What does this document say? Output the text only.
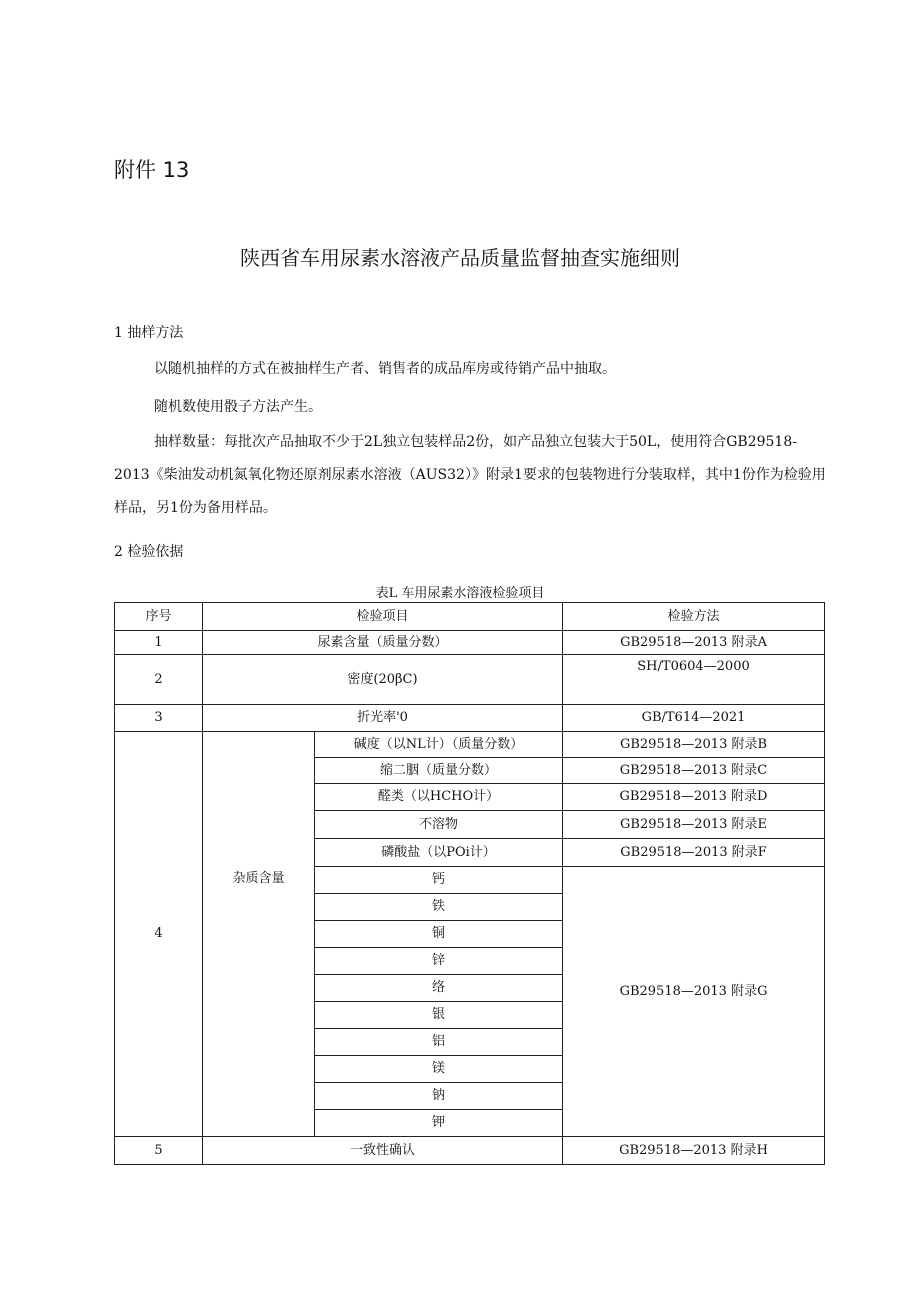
附件 13
陕西省车用尿素水溶液产品质量监督抽查实施细则
1 抽样方法
以随机抽样的方式在被抽样生产者、销售者的成品库房或待销产品中抽取。
随机数使用骰子方法产生。
抽样数量：每批次产品抽取不少于2L独立包装样品2份，如产品独立包装大于50L，使用符合GB29518-2013《柴油发动机氮氧化物还原剂尿素水溶液（AUS32）》附录1要求的包装物进行分装取样，其中1份作为检验用样品，另1份为备用样品。
2 检验依据
表L 车用尿素水溶液检验项目
序号	检验项目		检验方法
1	尿素含量（质量分数）		GB29518—2013 附录A
2	密度(20βC)		SH/T0604—2000
3	折光率'0		GB/T614—2021
4	杂质含量	碱度（以NL计）（质量分数）	GB29518—2013 附录B
		缩二胭（质量分数）	GB29518—2013 附录C
		醛类（以HCHO计）	GB29518—2013 附录D
		不溶物	GB29518—2013 附录E
		磷酸盐（以POi计）	GB29518—2013 附录F
		钙	GB29518—2013 附录G
		铁	
		铜	
		锌	
		络	
		银	
		铝	
		镁	
		钠	
		钾	
5	一致性确认		GB29518—2013 附录H
